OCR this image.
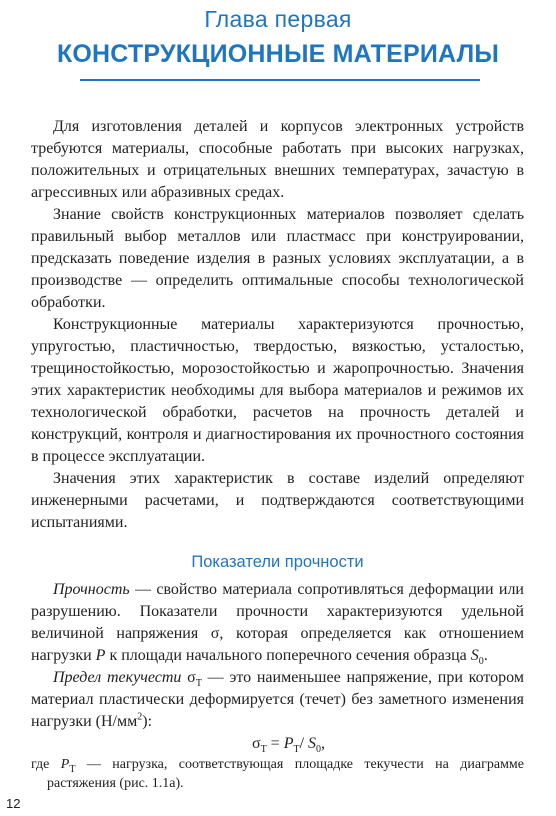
Глава первая
КОНСТРУКЦИОННЫЕ МАТЕРИАЛЫ

Для изготовления деталей и корпусов электронных устройств требуются материалы, способные работать при высоких нагрузках, положительных и отрицательных внешних температурах, зачастую в агрессивных или абразивных средах.

Знание свойств конструкционных материалов позволяет сделать правильный выбор металлов или пластмасс при конструировании, предсказать поведение изделия в разных условиях эксплуатации, а в производстве — определить оптимальные способы технологической обработки.

Конструкционные материалы характеризуются прочностью, упругостью, пластичностью, твердостью, вязкостью, усталостью, трещиностойкостью, морозостойкостью и жаропрочностью. Значения этих характеристик необходимы для выбора материалов и режимов их технологической обработки, расчетов на прочность деталей и конструкций, контроля и диагностирования их прочностного состояния в процессе эксплуатации.

Значения этих характеристик в составе изделий определяют инженерными расчетами, и подтверждаются соответствующими испытаниями.

Показатели прочности

Прочность — свойство материала сопротивляться деформации или разрушению. Показатели прочности характеризуются удельной величиной напряжения σ, которая определяется как отношением нагрузки P к площади начального поперечного сечения образца $S_0$.

Предел текучести $\sigma_Т$ — это наименьшее напряжение, при котором материал пластически деформируется (течет) без заметного изменения нагрузки $(Н/мм^2)$:

$\sigma_Т = P_Т/$ $S_0$,

где $P_Т$ — нагрузка, соответствующая площадке текучести на диаграмме растяжения (рис. 1.1а).

12
